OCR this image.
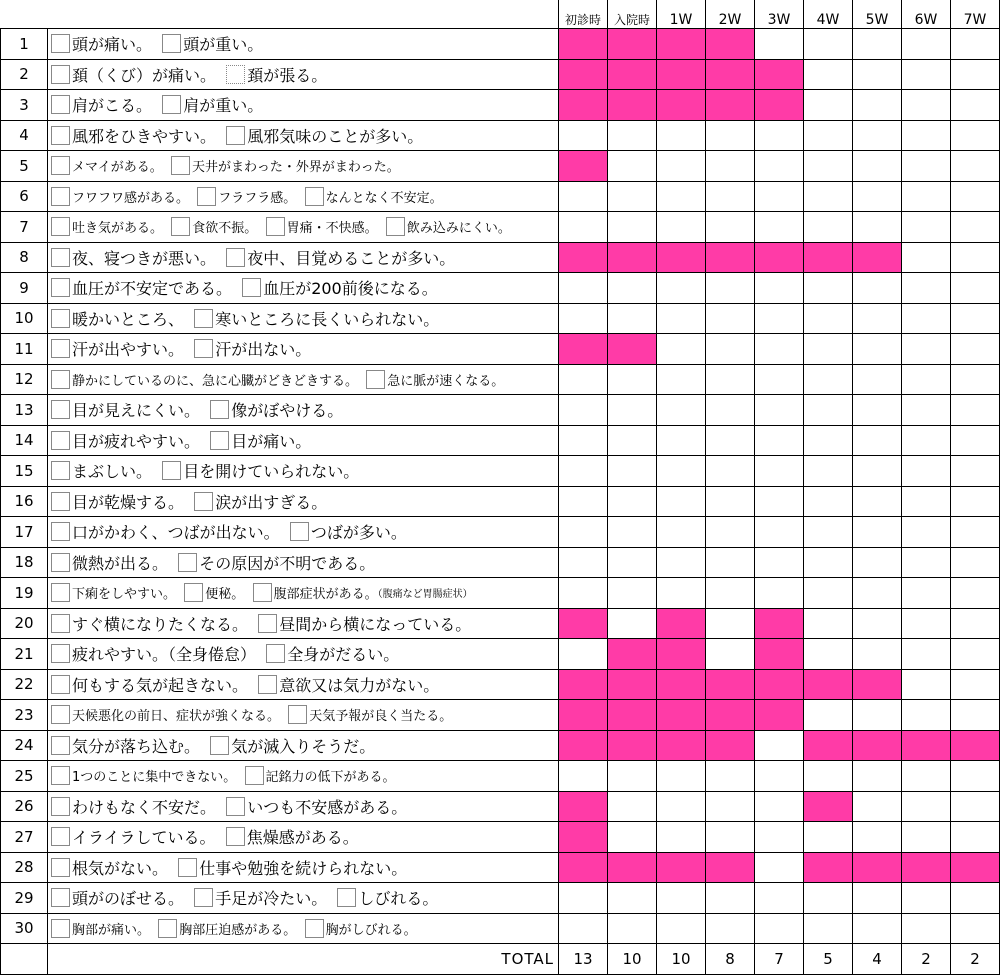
		初診時	入院時	1W	2W	3W	4W	5W	6W	7W
1	頭が痛い。 頭が重い。									
2	頚（くび）が痛い。 頚が張る。									
3	肩がこる。 肩が重い。									
4	風邪をひきやすい。 風邪気味のことが多い。									
5	メマイがある。 天井がまわった・外界がまわった。									
6	フワフワ感がある。 フラフラ感。 なんとなく不安定。									
7	吐き気がある。 食欲不振。 胃痛・不快感。 飲み込みにくい。									
8	夜、寝つきが悪い。 夜中、目覚めることが多い。									
9	血圧が不安定である。 血圧が200前後になる。									
10	暖かいところ、 寒いところに長くいられない。									
11	汗が出やすい。 汗が出ない。									
12	静かにしているのに、急に心臓がどきどきする。 急に脈が速くなる。									
13	目が見えにくい。 像がぼやける。									
14	目が疲れやすい。 目が痛い。									
15	まぶしい。 目を開けていられない。									
16	目が乾燥する。 涙が出すぎる。									
17	口がかわく、つばが出ない。 つばが多い。									
18	微熱が出る。 その原因が不明である。									
19	下痢をしやすい。 便秘。 腹部症状がある。（腹痛など胃腸症状）									
20	すぐ横になりたくなる。 昼間から横になっている。									
21	疲れやすい。（全身倦怠） 全身がだるい。									
22	何もする気が起きない。 意欲又は気力がない。									
23	天候悪化の前日、症状が強くなる。 天気予報が良く当たる。									
24	気分が落ち込む。 気が滅入りそうだ。									
25	1つのことに集中できない。 記銘力の低下がある。									
26	わけもなく不安だ。 いつも不安感がある。									
27	イライラしている。 焦燥感がある。									
28	根気がない。 仕事や勉強を続けられない。									
29	頭がのぼせる。 手足が冷たい。 しびれる。									
30	胸部が痛い。 胸部圧迫感がある。 胸がしびれる。									
	TOTAL	13	10	10	8	7	5	4	2	2
